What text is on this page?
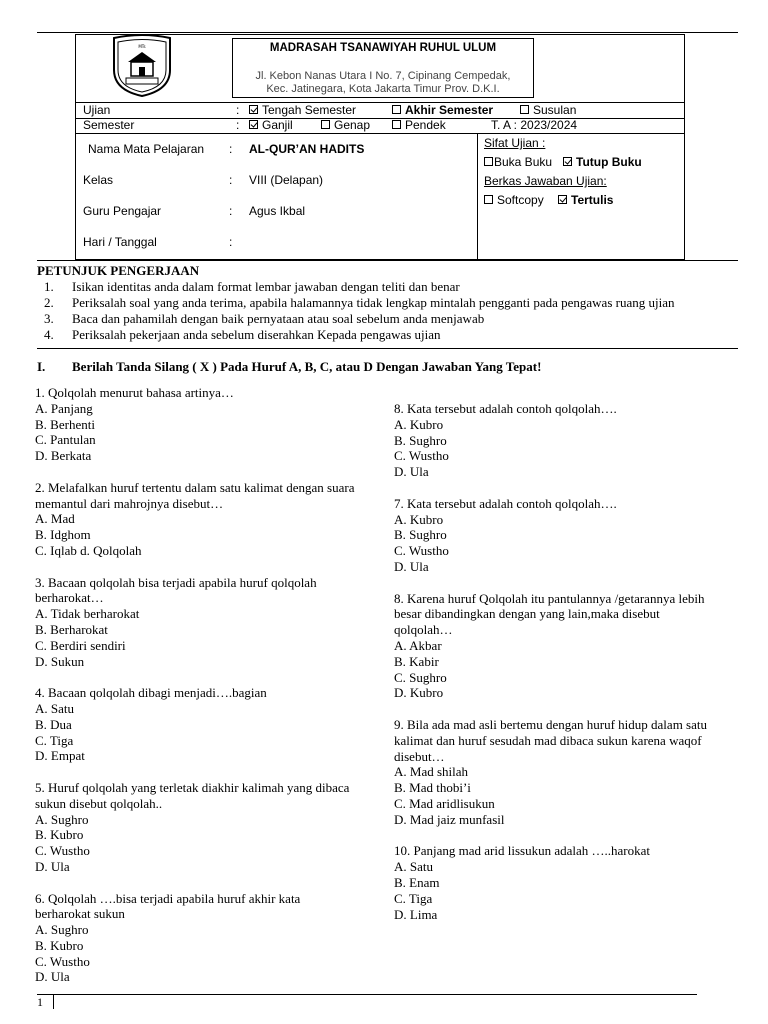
MTs	MADRASAH TSANAWIYAH RUHUL ULUM
Jl. Kebon Nanas Utara I No. 7, Cipinang Cempedak,
Kec. Jatinegara, Kota Jakarta Timur Prov. D.K.I.
Ujian	:	Tengah Semester	Akhir Semester	Susulan
Semester	:	Ganjil	Genap	Pendek	T. A : 2023/2024
Nama Mata Pelajaran : AL-QUR’AN HADITS
Kelas	: VIII (Delapan)
Guru Pengajar	: Agus Ikbal
Hari / Tanggal	:
Sifat Ujian :
Buka Buku	Tutup Buku
Berkas Jawaban Ujian:
Softcopy	Tertulis
PETUNJUK PENGERJAAN
1. Isikan identitas anda dalam format lembar jawaban dengan teliti dan benar
2. Periksalah soal yang anda terima, apabila halamannya tidak lengkap mintalah pengganti pada pengawas ruang ujian
3. Baca dan pahamilah dengan baik pernyataan atau soal sebelum anda menjawab
4. Periksalah pekerjaan anda sebelum diserahkan Kepada pengawas ujian
I. Berilah Tanda Silang ( X ) Pada Huruf A, B, C, atau D Dengan Jawaban Yang Tepat!
1. Qolqolah menurut bahasa artinya…
A. Panjang
B. Berhenti
C. Pantulan
D. Berkata
2. Melafalkan huruf tertentu dalam satu kalimat dengan suara
memantul dari mahrojnya disebut…
A. Mad
B. Idghom
C. Iqlab d. Qolqolah
3. Bacaan qolqolah bisa terjadi apabila huruf qolqolah
berharokat…
A. Tidak berharokat
B. Berharokat
C. Berdiri sendiri
D. Sukun
4. Bacaan qolqolah dibagi menjadi….bagian
A. Satu
B. Dua
C. Tiga
D. Empat
5. Huruf qolqolah yang terletak diakhir kalimah yang dibaca
sukun disebut qolqolah..
A. Sughro
B. Kubro
C. Wustho
D. Ula
6. Qolqolah ….bisa terjadi apabila huruf akhir kata
berharokat sukun
A. Sughro
B. Kubro
C. Wustho
D. Ula
8. Kata tersebut adalah contoh qolqolah….
A. Kubro
B. Sughro
C. Wustho
D. Ula
7. Kata tersebut adalah contoh qolqolah….
A. Kubro
B. Sughro
C. Wustho
D. Ula
8. Karena huruf Qolqolah itu pantulannya /getarannya lebih
besar dibandingkan dengan yang lain,maka disebut
qolqolah…
A. Akbar
B. Kabir
C. Sughro
D. Kubro
9. Bila ada mad asli bertemu dengan huruf hidup dalam satu
kalimat dan huruf sesudah mad dibaca sukun karena waqof
disebut…
A. Mad shilah
B. Mad thobi’i
C. Mad aridlisukun
D. Mad jaiz munfasil
10. Panjang mad arid lissukun adalah …..harokat
A. Satu
B. Enam
C. Tiga
D. Lima
1
